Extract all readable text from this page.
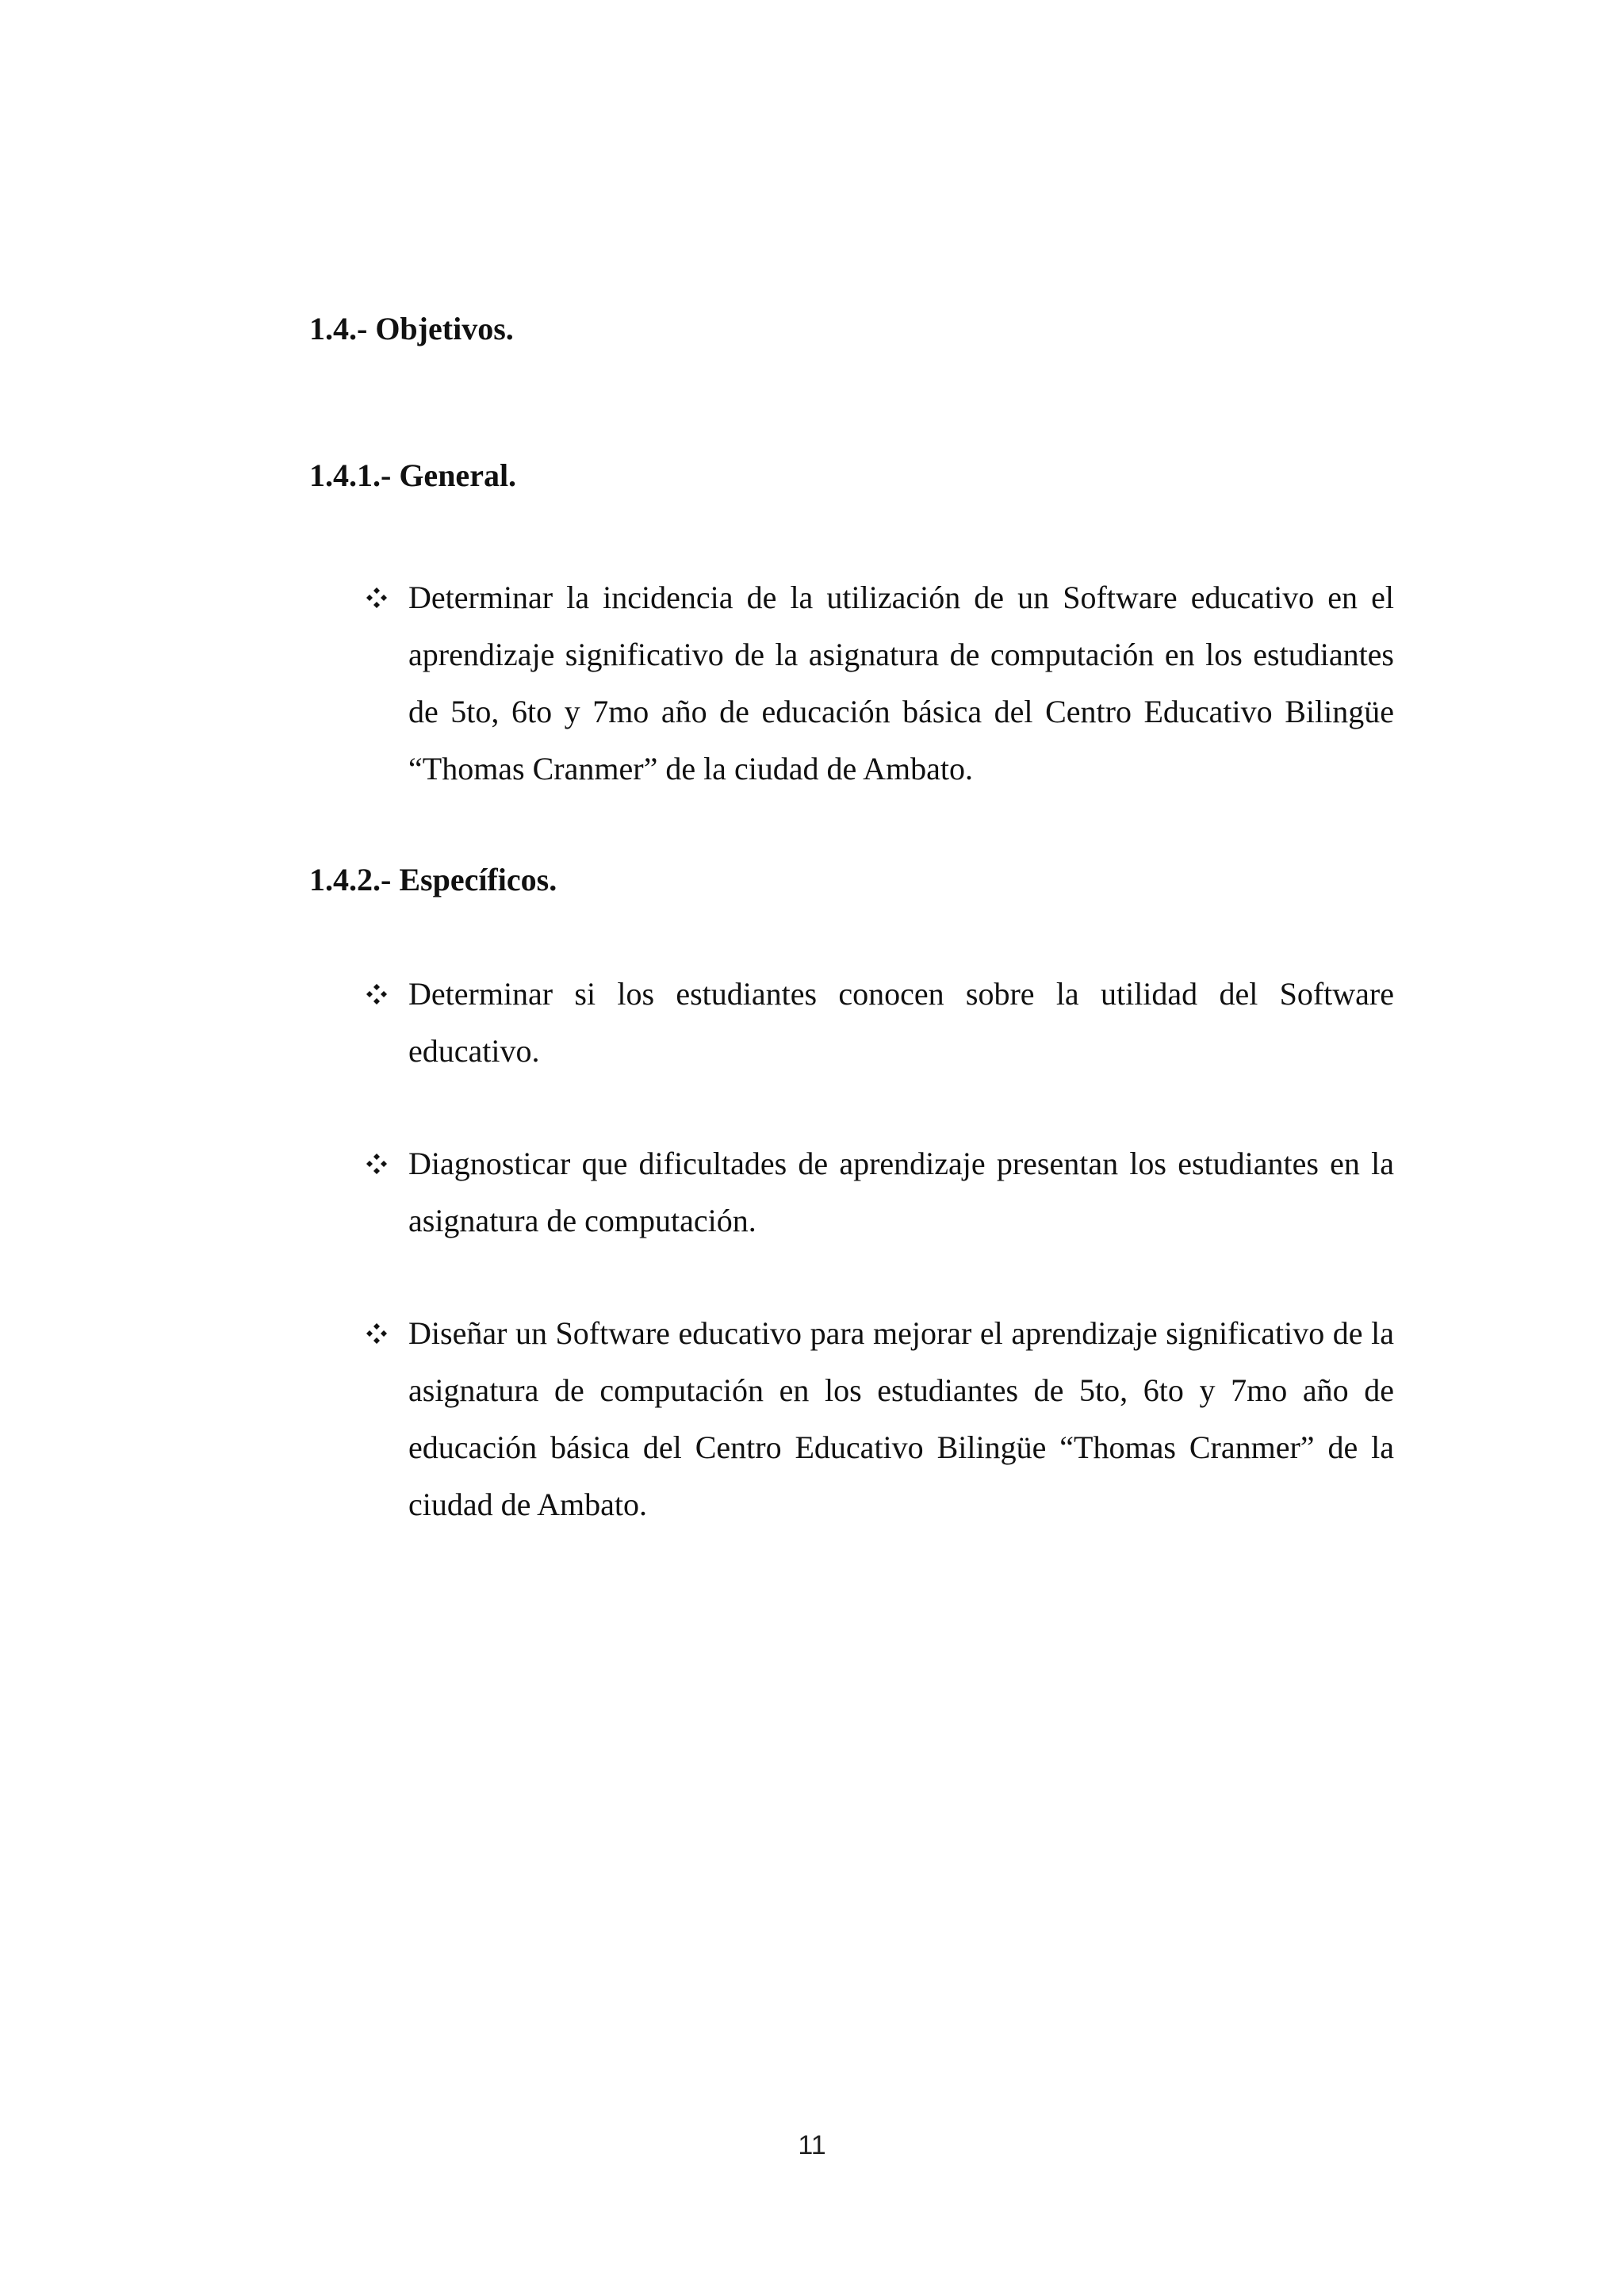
1.4.- Objetivos.
1.4.1.- General.
Determinar la incidencia de la utilización de un Software educativo en el aprendizaje significativo de la asignatura de computación en los estudiantes de 5to, 6to y 7mo año de educación básica del Centro Educativo Bilingüe “Thomas Cranmer” de la ciudad de Ambato.
1.4.2.- Específicos.
Determinar si los estudiantes conocen sobre la utilidad del Software educativo.
Diagnosticar que dificultades de aprendizaje presentan los estudiantes en la asignatura de computación.
Diseñar un Software educativo para mejorar el aprendizaje significativo de la asignatura de computación en los estudiantes de 5to, 6to y 7mo año de educación básica del Centro Educativo Bilingüe “Thomas Cranmer” de la ciudad de Ambato.
11
